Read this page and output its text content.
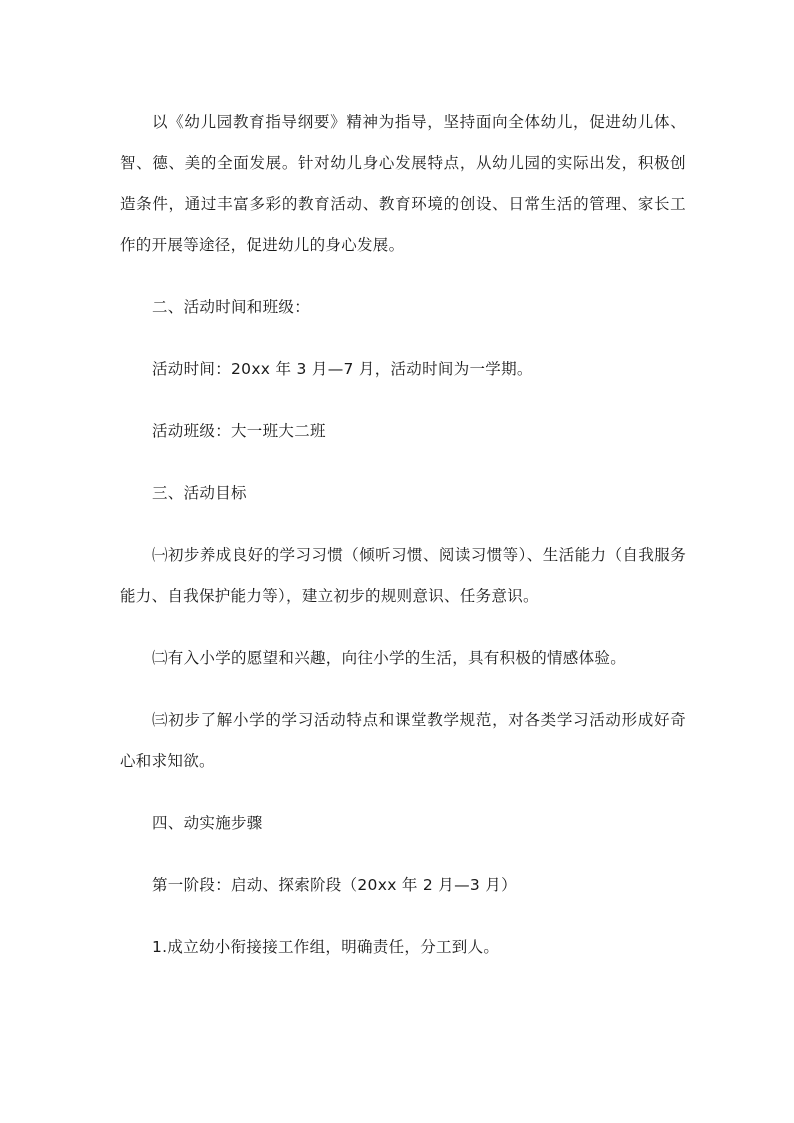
以《幼儿园教育指导纲要》精神为指导，坚持面向全体幼儿，促进幼儿体、智、德、美的全面发展。针对幼儿身心发展特点，从幼儿园的实际出发，积极创造条件，通过丰富多彩的教育活动、教育环境的创设、日常生活的管理、家长工作的开展等途径，促进幼儿的身心发展。

二、活动时间和班级：

活动时间：20xx 年 3 月—7 月，活动时间为一学期。

活动班级：大一班大二班

三、活动目标

㈠初步养成良好的学习习惯（倾听习惯、阅读习惯等）、生活能力（自我服务能力、自我保护能力等），建立初步的规则意识、任务意识。

㈡有入小学的愿望和兴趣，向往小学的生活，具有积极的情感体验。

㈢初步了解小学的学习活动特点和课堂教学规范，对各类学习活动形成好奇心和求知欲。

四、动实施步骤

第一阶段：启动、探索阶段（20xx 年 2 月—3 月）

1.成立幼小衔接接工作组，明确责任，分工到人。
